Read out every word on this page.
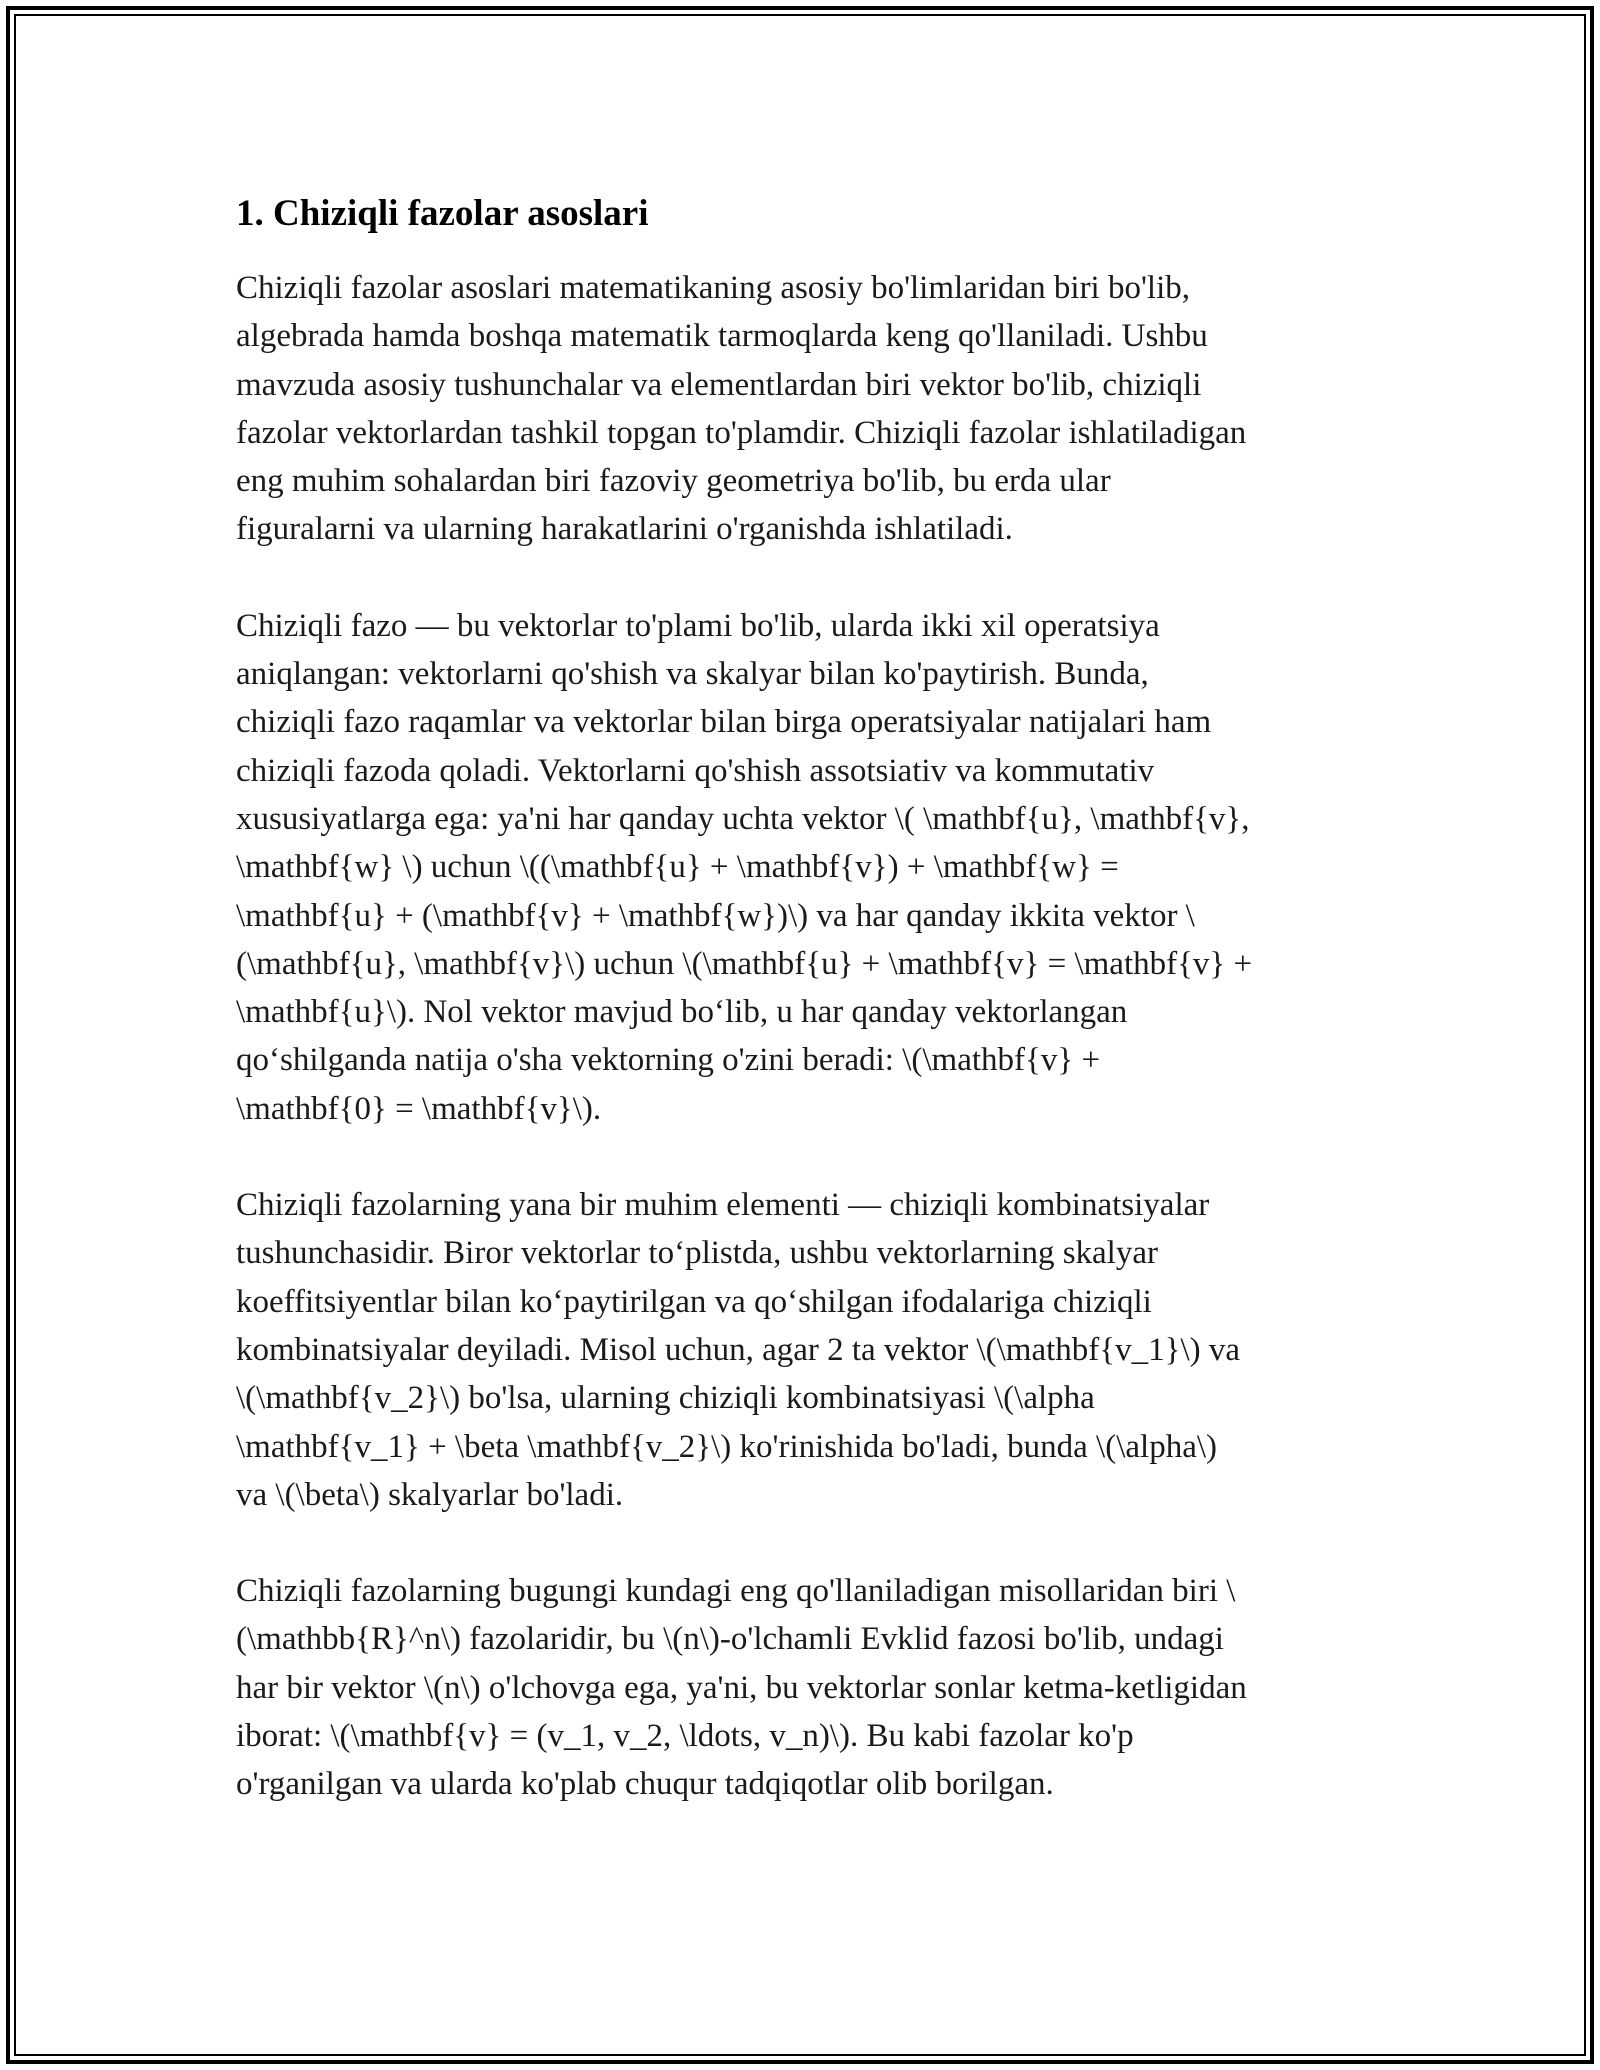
1. Chiziqli fazolar asoslari

Chiziqli fazolar asoslari matematikaning asosiy bo'limlaridan biri bo'lib,
algebrada hamda boshqa matematik tarmoqlarda keng qo'llaniladi. Ushbu
mavzuda asosiy tushunchalar va elementlardan biri vektor bo'lib, chiziqli
fazolar vektorlardan tashkil topgan to'plamdir. Chiziqli fazolar ishlatiladigan
eng muhim sohalardan biri fazoviy geometriya bo'lib, bu erda ular
figuralarni va ularning harakatlarini o'rganishda ishlatiladi.

Chiziqli fazo — bu vektorlar to'plami bo'lib, ularda ikki xil operatsiya
aniqlangan: vektorlarni qo'shish va skalyar bilan ko'paytirish. Bunda,
chiziqli fazo raqamlar va vektorlar bilan birga operatsiyalar natijalari ham
chiziqli fazoda qoladi. Vektorlarni qo'shish assotsiativ va kommutativ
xususiyatlarga ega: ya'ni har qanday uchta vektor \( \mathbf{u}, \mathbf{v},
\mathbf{w} \) uchun \((\mathbf{u} + \mathbf{v}) + \mathbf{w} =
\mathbf{u} + (\mathbf{v} + \mathbf{w})\) va har qanday ikkita vektor \
(\mathbf{u}, \mathbf{v}\) uchun \(\mathbf{u} + \mathbf{v} = \mathbf{v} +
\mathbf{u}\). Nol vektor mavjud bo‘lib, u har qanday vektorlangan
qo‘shilganda natija o'sha vektorning o'zini beradi: \(\mathbf{v} +
\mathbf{0} = \mathbf{v}\).

Chiziqli fazolarning yana bir muhim elementi — chiziqli kombinatsiyalar
tushunchasidir. Biror vektorlar to‘plistda, ushbu vektorlarning skalyar
koeffitsiyentlar bilan ko‘paytirilgan va qo‘shilgan ifodalariga chiziqli
kombinatsiyalar deyiladi. Misol uchun, agar 2 ta vektor \(\mathbf{v_1}\) va
\(\mathbf{v_2}\) bo'lsa, ularning chiziqli kombinatsiyasi \(\alpha
\mathbf{v_1} + \beta \mathbf{v_2}\) ko'rinishida bo'ladi, bunda \(\alpha\)
va \(\beta\) skalyarlar bo'ladi.

Chiziqli fazolarning bugungi kundagi eng qo'llaniladigan misollaridan biri \
(\mathbb{R}^n\) fazolaridir, bu \(n\)-o'lchamli Evklid fazosi bo'lib, undagi
har bir vektor \(n\) o'lchovga ega, ya'ni, bu vektorlar sonlar ketma-ketligidan
iborat: \(\mathbf{v} = (v_1, v_2, \ldots, v_n)\). Bu kabi fazolar ko'p
o'rganilgan va ularda ko'plab chuqur tadqiqotlar olib borilgan.
